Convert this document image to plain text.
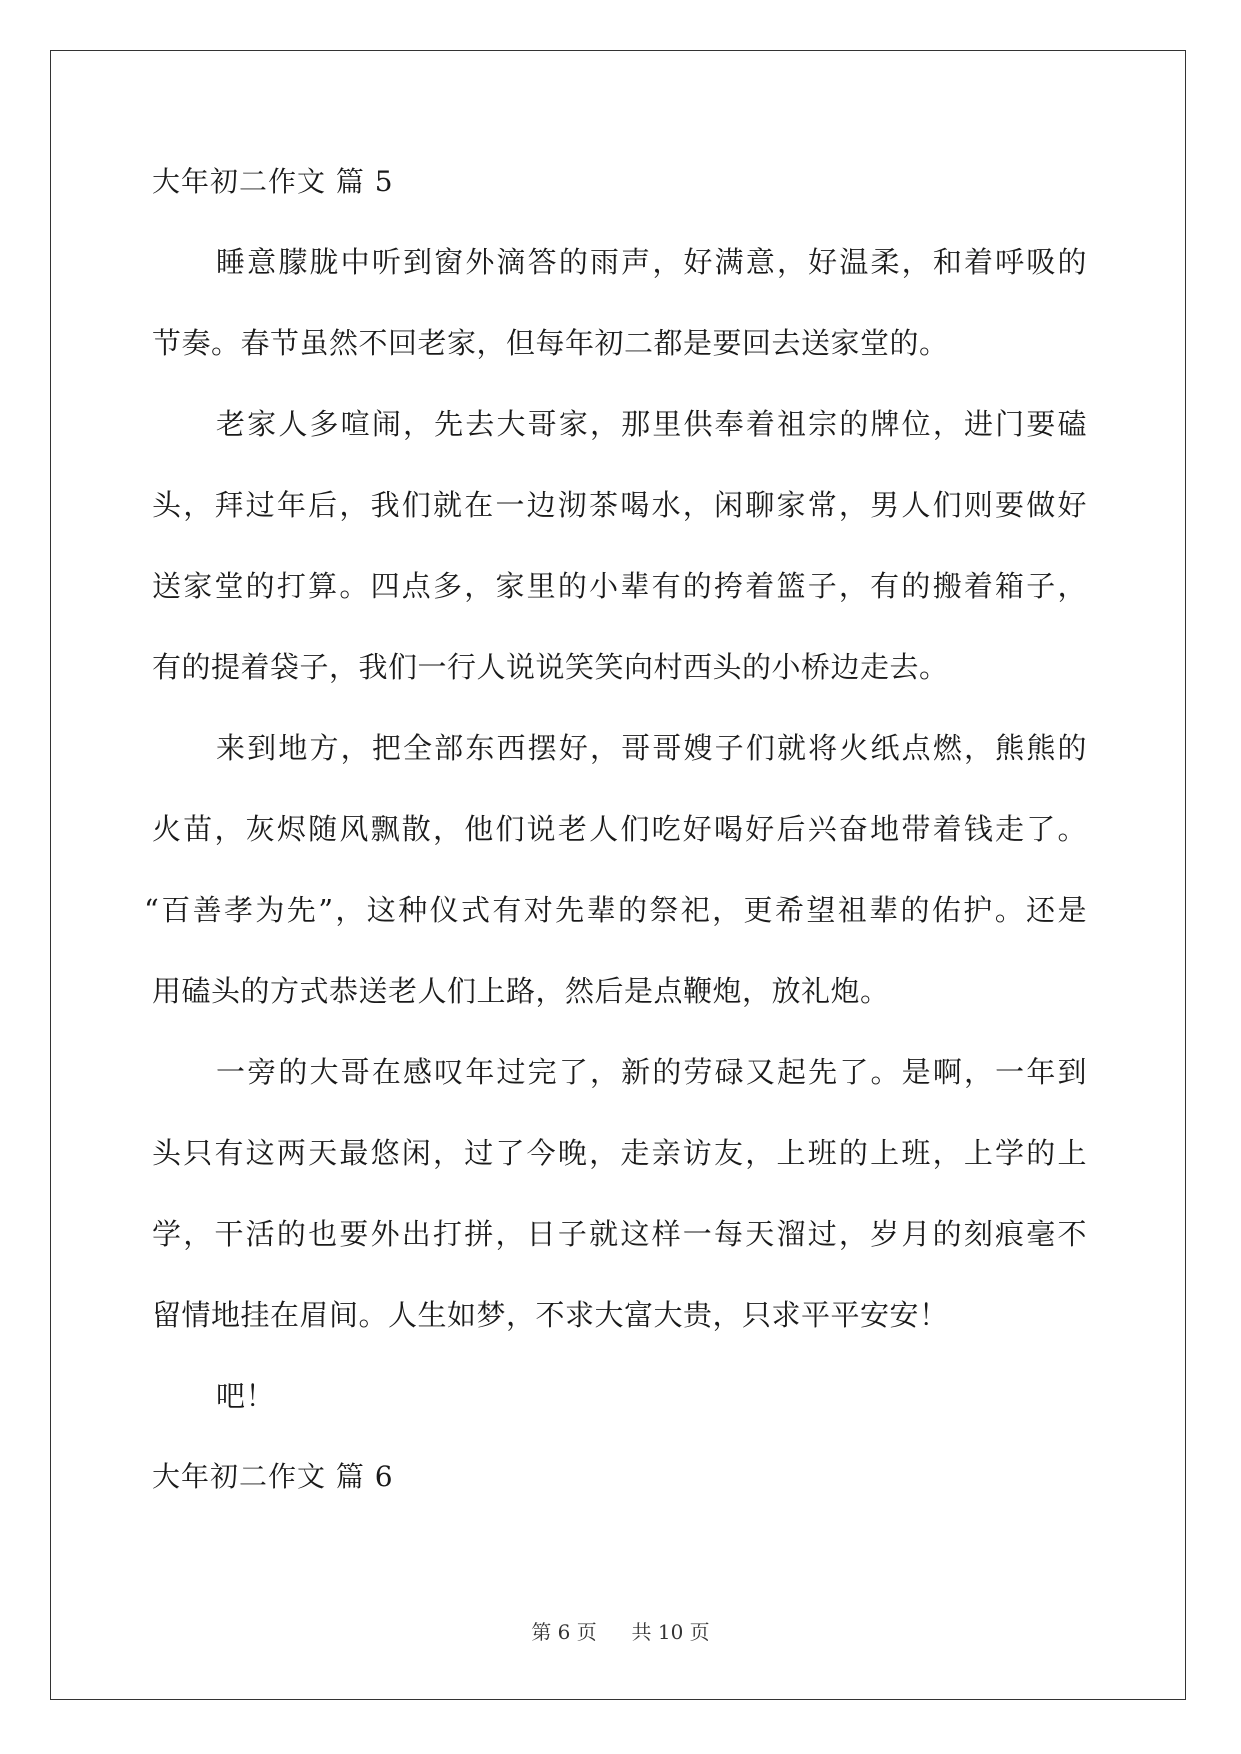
大年初二作文 篇 5
睡意朦胧中听到窗外滴答的雨声，好满意，好温柔，和着呼吸的
节奏。春节虽然不回老家，但每年初二都是要回去送家堂的。
老家人多喧闹，先去大哥家，那里供奉着祖宗的牌位，进门要磕
头，拜过年后，我们就在一边沏茶喝水，闲聊家常，男人们则要做好
送家堂的打算。四点多，家里的小辈有的挎着篮子，有的搬着箱子，
有的提着袋子，我们一行人说说笑笑向村西头的小桥边走去。
来到地方，把全部东西摆好，哥哥嫂子们就将火纸点燃，熊熊的
火苗，灰烬随风飘散，他们说老人们吃好喝好后兴奋地带着钱走了。
“百善孝为先”，这种仪式有对先辈的祭祀，更希望祖辈的佑护。还是
用磕头的方式恭送老人们上路，然后是点鞭炮，放礼炮。
一旁的大哥在感叹年过完了，新的劳碌又起先了。是啊，一年到
头只有这两天最悠闲，过了今晚，走亲访友，上班的上班，上学的上
学，干活的也要外出打拼，日子就这样一每天溜过，岁月的刻痕毫不
留情地挂在眉间。人生如梦，不求大富大贵，只求平平安安！
吧！
大年初二作文 篇 6
第 6 页 共 10 页
